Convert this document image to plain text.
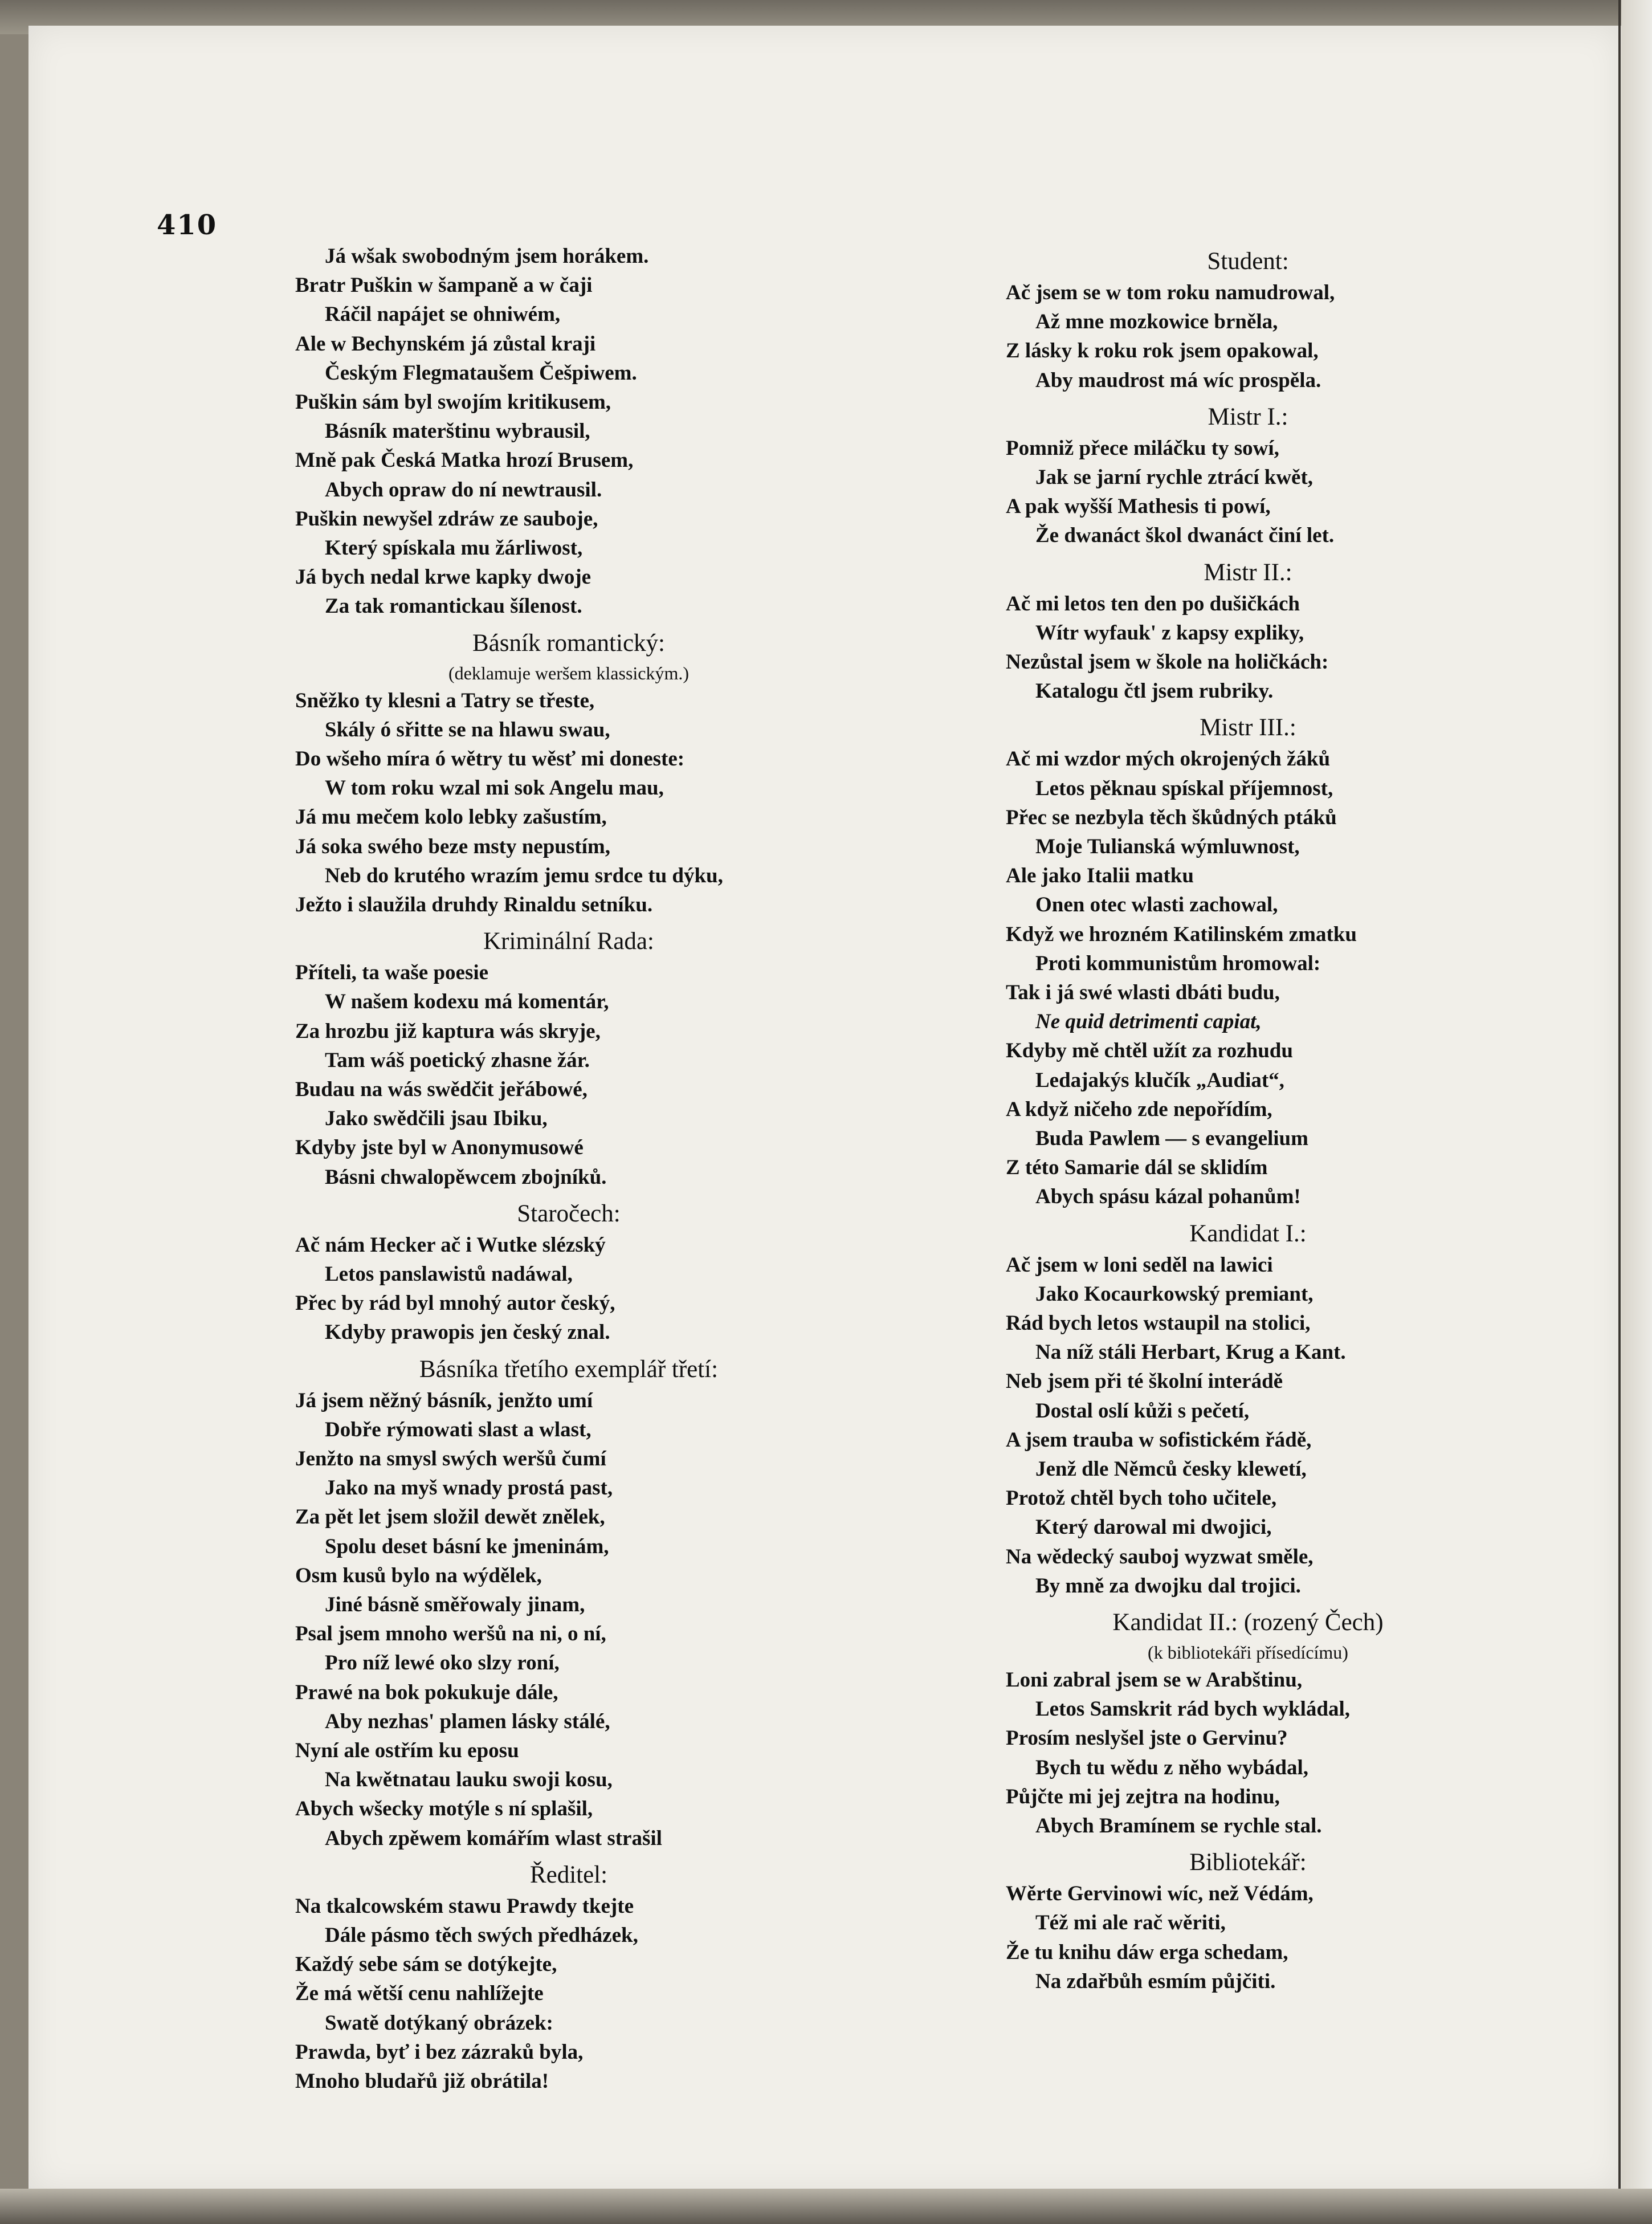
410
Já wšak swobodným jsem horákem.
Bratr Puškin w šampaně a w čaji
Ráčil napájet se ohniwém,
Ale w Bechynském já zůstal kraji
Českým Flegmataušem Češpiwem.
Puškin sám byl swojím kritikusem,
Básník materštinu wybrausil,
Mně pak Česká Matka hrozí Brusem,
Abych opraw do ní newtrausil.
Puškin newyšel zdráw ze sauboje,
Který spískala mu žárliwost,
Já bych nedal krwe kapky dwoje
Za tak romantickau šílenost.
Básník romantický:
(deklamuje weršem klassickým.)
Sněžko ty klesni a Tatry se třeste,
Skály ó sřitte se na hlawu swau,
Do wšeho míra ó wětry tu wěsť mi doneste:
W tom roku wzal mi sok Angelu mau,
Já mu mečem kolo lebky zašustím,
Já soka swého beze msty nepustím,
Neb do krutého wrazím jemu srdce tu dýku,
Ježto i slaužila druhdy Rinaldu setníku.
Kriminální Rada:
Příteli, ta waše poesie
W našem kodexu má komentár,
Za hrozbu již kaptura wás skryje,
Tam wáš poetický zhasne žár.
Budau na wás swědčit jeřábowé,
Jako swědčili jsau Ibiku,
Kdyby jste byl w Anonymusowé
Básni chwalopěwcem zbojníků.
Staročech:
Ač nám Hecker ač i Wutke slézský
Letos panslawistů nadáwal,
Přec by rád byl mnohý autor český,
Kdyby prawopis jen český znal.
Básníka třetího exemplář třetí:
Já jsem něžný básník, jenžto umí
Dobře rýmowati slast a wlast,
Jenžto na smysl swých weršů čumí
Jako na myš wnady prostá past,
Za pět let jsem složil dewět znělek,
Spolu deset básní ke jmeninám,
Osm kusů bylo na wýdělek,
Jiné básně směřowaly jinam,
Psal jsem mnoho weršů na ni, o ní,
Pro níž lewé oko slzy roní,
Prawé na bok pokukuje dále,
Aby nezhas' plamen lásky stálé,
Nyní ale ostřím ku eposu
Na kwětnatau lauku swoji kosu,
Abych wšecky motýle s ní splašil,
Abych zpěwem komářím wlast strašil
Ředitel:
Na tkalcowském stawu Prawdy tkejte
Dále pásmo těch swých předházek,
Každý sebe sám se dotýkejte,
Že má wětší cenu nahlížejte
Swatě dotýkaný obrázek:
Prawda, byť i bez zázraků byla,
Mnoho bludařů již obrátila!
Student:
Ač jsem se w tom roku namudrowal,
Až mne mozkowice brněla,
Z lásky k roku rok jsem opakowal,
Aby maudrost má wíc prospěla.
Mistr I.:
Pomniž přece miláčku ty sowí,
Jak se jarní rychle ztrácí kwět,
A pak wyšší Mathesis ti powí,
Že dwanáct škol dwanáct činí let.
Mistr II.:
Ač mi letos ten den po dušičkách
Wítr wyfauk' z kapsy expliky,
Nezůstal jsem w škole na holičkách:
Katalogu čtl jsem rubriky.
Mistr III.:
Ač mi wzdor mých okrojených žáků
Letos pěknau spískal příjemnost,
Přec se nezbyla těch škůdných ptáků
Moje Tulianská wýmluwnost,
Ale jako Italii matku
Onen otec wlasti zachowal,
Když we hrozném Katilinském zmatku
Proti kommunistům hromowal:
Tak i já swé wlasti dbáti budu,
Ne quid detrimenti capiat,
Kdyby mě chtěl užít za rozhudu
Ledajakýs klučík „Audiat“,
A když ničeho zde nepořídím,
Buda Pawlem — s evangelium
Z této Samarie dál se sklidím
Abych spásu kázal pohanům!
Kandidat I.:
Ač jsem w loni seděl na lawici
Jako Kocaurkowský premiant,
Rád bych letos wstaupil na stolici,
Na níž stáli Herbart, Krug a Kant.
Neb jsem při té školní interádě
Dostal oslí kůži s pečetí,
A jsem trauba w sofistickém řádě,
Jenž dle Němců česky klewetí,
Protož chtěl bych toho učitele,
Který darowal mi dwojici,
Na wědecký sauboj wyzwat směle,
By mně za dwojku dal trojici.
Kandidat II.: (rozený Čech)
(k bibliotekáři přísedícímu)
Loni zabral jsem se w Arabštinu,
Letos Samskrit rád bych wykládal,
Prosím neslyšel jste o Gervinu?
Bych tu wědu z něho wybádal,
Půjčte mi jej zejtra na hodinu,
Abych Bramínem se rychle stal.
Bibliotekář:
Wěrte Gervinowi wíc, než Védám,
Též mi ale rač wěriti,
Že tu knihu dáw erga schedam,
Na zdařbůh esmím půjčiti.
